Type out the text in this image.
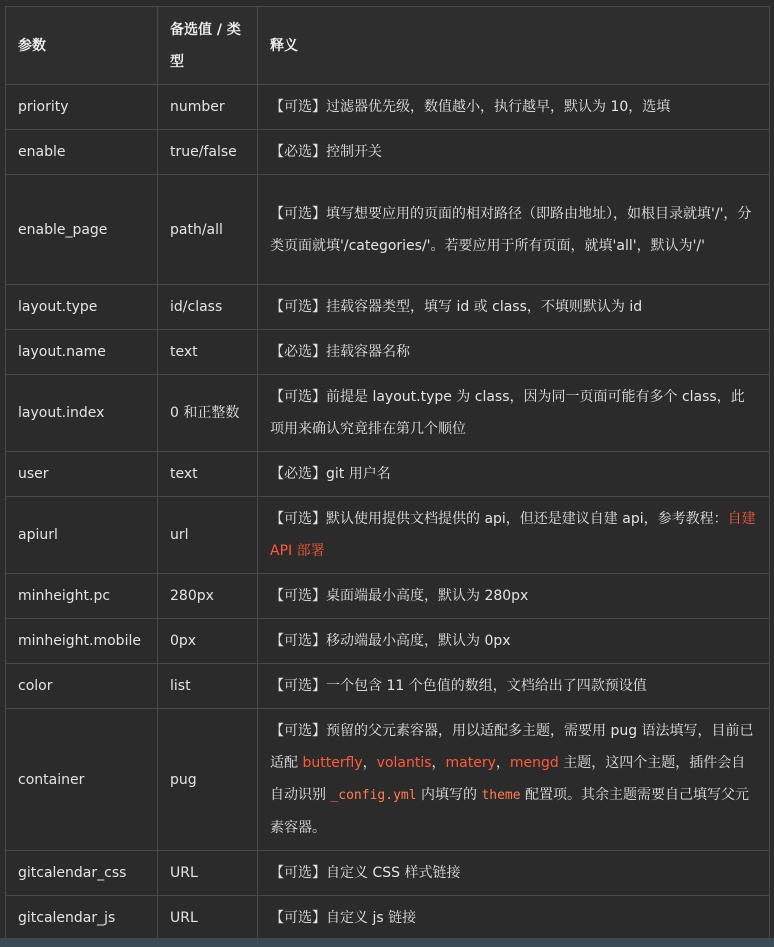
参数	备选值 / 类型	释义
priority	number	【可选】过滤器优先级，数值越小，执行越早，默认为 10，选填
enable	true/false	【必选】控制开关
enable_page	path/all	【可选】填写想要应用的页面的相对路径（即路由地址），如根目录就填'/'，分类页面就填'/categories/'。若要应用于所有页面，就填'all'，默认为'/'
layout.type	id/class	【可选】挂载容器类型，填写 id 或 class，不填则默认为 id
layout.name	text	【必选】挂载容器名称
layout.index	0 和正整数	【可选】前提是 layout.type 为 class，因为同一页面可能有多个 class，此项用来确认究竟排在第几个顺位
user	text	【必选】git 用户名
apiurl	url	【可选】默认使用提供文档提供的 api，但还是建议自建 api，参考教程：自建 API 部署
minheight.pc	280px	【可选】桌面端最小高度，默认为 280px
minheight.mobile	0px	【可选】移动端最小高度，默认为 0px
color	list	【可选】一个包含 11 个色值的数组，文档给出了四款预设值
container	pug	【可选】预留的父元素容器，用以适配多主题，需要用 pug 语法填写，目前已适配 butterfly，volantis，matery，mengd 主题，这四个主题，插件会自自动识别 _config.yml 内填写的 theme 配置项。其余主题需要自己填写父元素容器。
gitcalendar_css	URL	【可选】自定义 CSS 样式链接
gitcalendar_js	URL	【可选】自定义 js 链接
